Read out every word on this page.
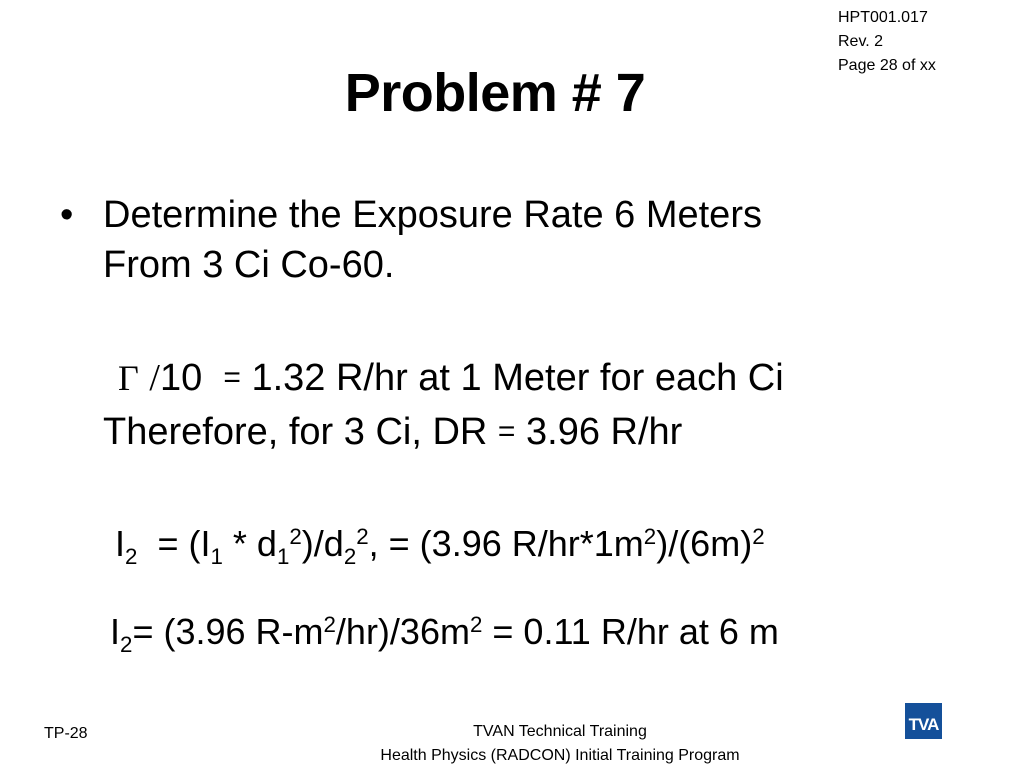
HPT001.017
Rev. 2
Page 28 of xx
Problem # 7
• Determine the Exposure Rate 6 Meters
From 3 Ci Co-60.
Γ /10 = 1.32 R/hr at 1 Meter for each Ci
Therefore, for 3 Ci, DR = 3.96 R/hr
$I_2 = (I_1 * d_1^2)/d_2^2$, = (3.96 $R/hr*1m^2)/(6m)^2$
$I_2= (3.96$ $R-m^2/hr)/36m^2 = 0.11$ R/hr at 6 m
TP-28	TVAN Technical Training
Health Physics (RADCON) Initial Training Program
TVA
